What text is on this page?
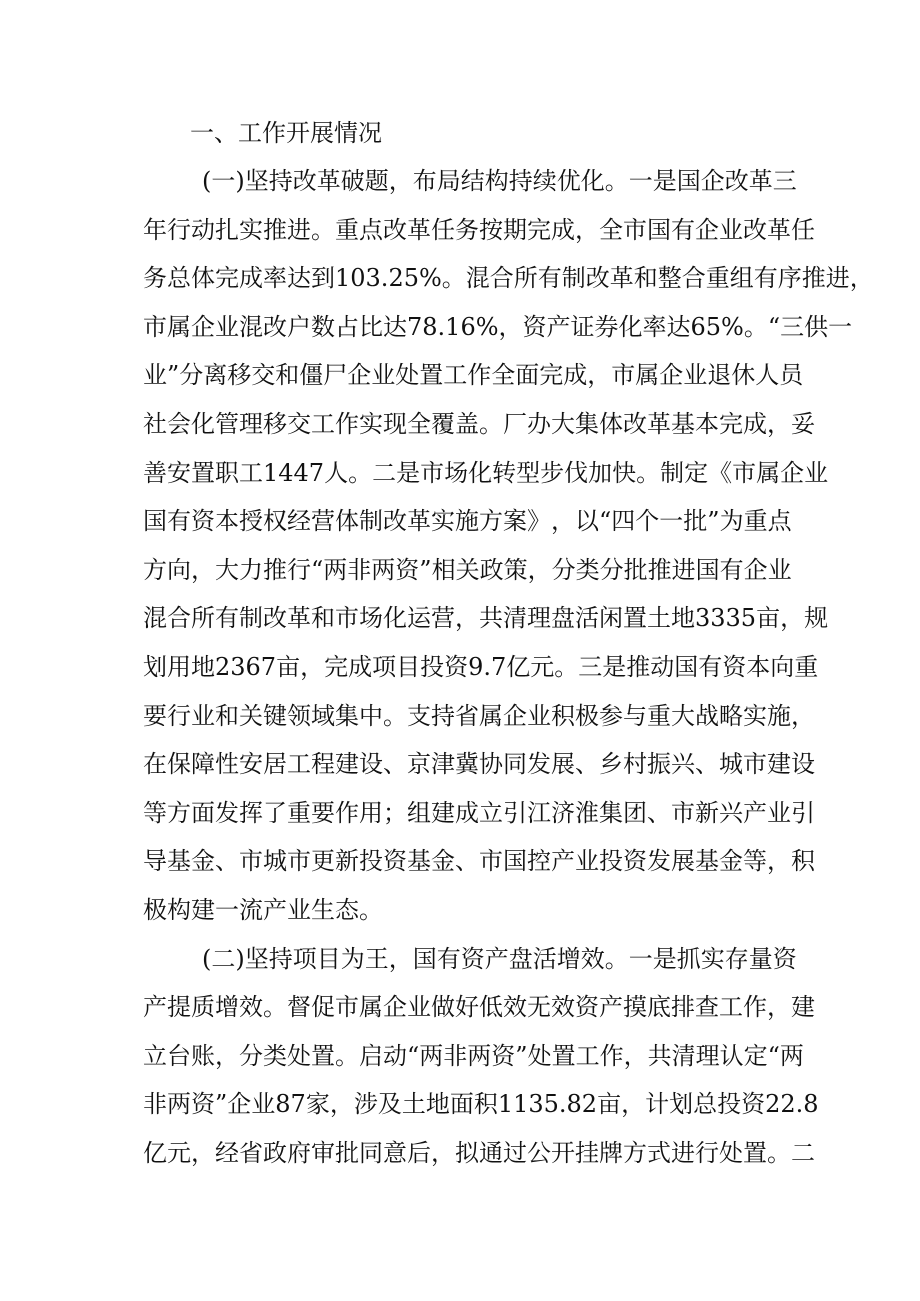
一、工作开展情况
( 一 ) 坚 持 改 革 破 题 ， 布 局 结 构 持 续 优 化 。 一 是 国 企 改 革 三
年 行 动 扎 实 推 进 。 重 点 改 革 任 务 按 期 完 成 ， 全 市 国 有 企 业 改 革 任
务 总 体 完 成 率 达 到 103.25% 。 混 合 所 有 制 改 革 和 整 合 重 组 有 序 推 进 ，
市 属 企 业 混 改 户 数 占 比 达 78.16% ， 资 产 证 券 化 率 达 65% 。 “ 三 供 一
业 ” 分 离 移 交 和 僵 尸 企 业 处 置 工 作 全 面 完 成 ， 市 属 企 业 退 休 人 员
社 会 化 管 理 移 交 工 作 实 现 全 覆 盖 。 厂 办 大 集 体 改 革 基 本 完 成 ， 妥
善 安 置 职 工 1447 人 。 二 是 市 场 化 转 型 步 伐 加 快 。 制 定 《 市 属 企 业
国 有 资 本 授 权 经 营 体 制 改 革 实 施 方 案 》 ， 以 “ 四 个 一 批 ” 为 重 点
方 向 ， 大 力 推 行 “ 两 非 两 资 ” 相 关 政 策 ， 分 类 分 批 推 进 国 有 企 业
混 合 所 有 制 改 革 和 市 场 化 运 营 ， 共 清 理 盘 活 闲 置 土 地 3335 亩 ， 规
划 用 地 2367 亩 ， 完 成 项 目 投 资 9.7 亿 元 。 三 是 推 动 国 有 资 本 向 重
要 行 业 和 关 键 领 域 集 中 。 支 持 省 属 企 业 积 极 参 与 重 大 战 略 实 施 ，
在 保 障 性 安 居 工 程 建 设 、 京 津 冀 协 同 发 展 、 乡 村 振 兴 、 城 市 建 设
等 方 面 发 挥 了 重 要 作 用 ； 组 建 成 立 引 江 济 淮 集 团 、 市 新 兴 产 业 引
导 基 金 、 市 城 市 更 新 投 资 基 金 、 市 国 控 产 业 投 资 发 展 基 金 等 ， 积
极构建一流产业生态。
( 二 ) 坚 持 项 目 为 王 ， 国 有 资 产 盘 活 增 效 。 一 是 抓 实 存 量 资
产 提 质 增 效 。 督 促 市 属 企 业 做 好 低 效 无 效 资 产 摸 底 排 查 工 作 ， 建
立 台 账 ， 分 类 处 置 。 启 动 “ 两 非 两 资 ” 处 置 工 作 ， 共 清 理 认 定 “ 两
非 两 资 ” 企 业 87 家 ， 涉 及 土 地 面 积 1135.82 亩 ， 计 划 总 投 资 22.8
亿 元 ， 经 省 政 府 审 批 同 意 后 ， 拟 通 过 公 开 挂 牌 方 式 进 行 处 置 。 二
